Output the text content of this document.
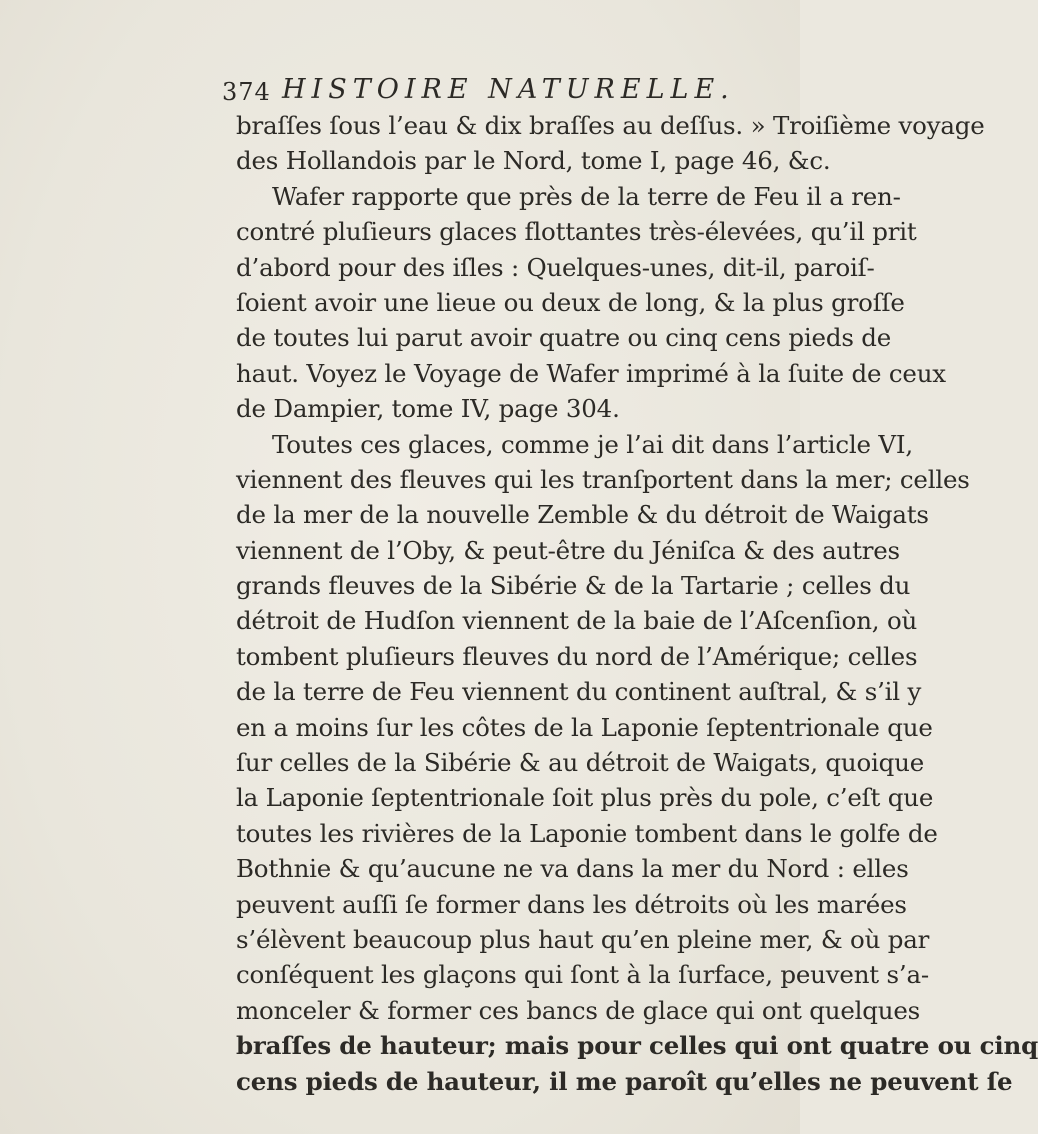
374 HISTOIRE NATURELLE.
braſſes ſous l’eau & dix braſſes au deſſus. » Troiſième voyage
des Hollandois par le Nord, tome I, page 46, &c.
Wafer rapporte que près de la terre de Feu il a ren-
contré pluſieurs glaces flottantes très-élevées, qu’il prit
d’abord pour des iſles : Quelques-unes, dit-il, paroiſ-
ſoient avoir une lieue ou deux de long, & la plus groſſe
de toutes lui parut avoir quatre ou cinq cens pieds de
haut. Voyez le Voyage de Wafer imprimé à la ſuite de ceux
de Dampier, tome IV, page 304.
Toutes ces glaces, comme je l’ai dit dans l’article VI,
viennent des fleuves qui les tranſportent dans la mer; celles
de la mer de la nouvelle Zemble & du détroit de Waigats
viennent de l’Oby, & peut-être du Jéniſca & des autres
grands fleuves de la Sibérie & de la Tartarie ; celles du
détroit de Hudſon viennent de la baie de l’Aſcenſion, où
tombent pluſieurs fleuves du nord de l’Amérique; celles
de la terre de Feu viennent du continent auſtral, & s’il y
en a moins ſur les côtes de la Laponie ſeptentrionale que
ſur celles de la Sibérie & au détroit de Waigats, quoique
la Laponie ſeptentrionale ſoit plus près du pole, c’eſt que
toutes les rivières de la Laponie tombent dans le golfe de
Bothnie & qu’aucune ne va dans la mer du Nord : elles
peuvent auſſi ſe former dans les détroits où les marées
s’élèvent beaucoup plus haut qu’en pleine mer, & où par
conſéquent les glaçons qui ſont à la ſurface, peuvent s’a-
monceler & former ces bancs de glace qui ont quelques
braſſes de hauteur; mais pour celles qui ont quatre ou cinq
cens pieds de hauteur, il me paroît qu’elles ne peuvent ſe
